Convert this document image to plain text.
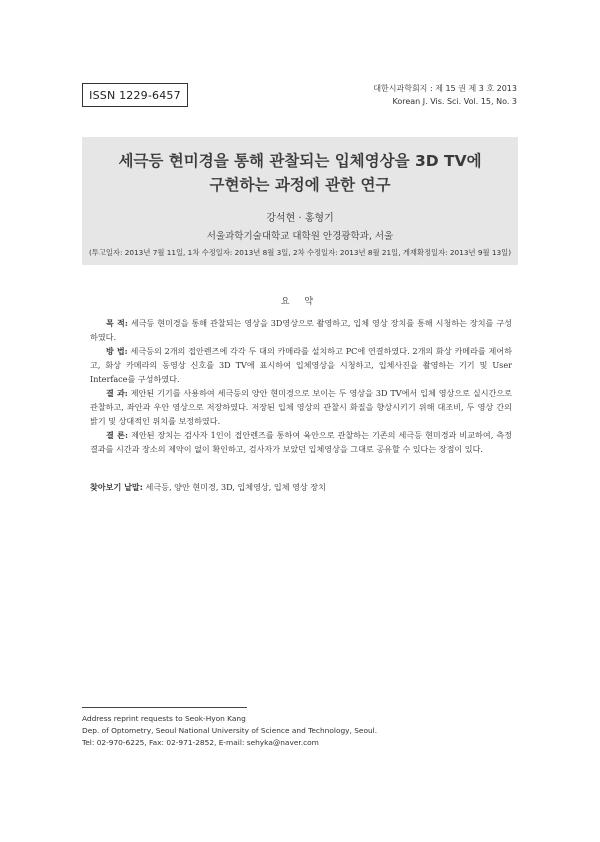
ISSN 1229-6457	대한시과학회지 : 제 15 권 제 3 호 2013
Korean J. Vis. Sci. Vol. 15, No. 3
세극등 현미경을 통해 관찰되는 입체영상을 3D TV에
구현하는 과정에 관한 연구
강석현 · 홍형기
서울과학기술대학교 대학원 안경광학과, 서울
(투고일자: 2013년 7월 11일, 1차 수정일자: 2013년 8월 3일, 2차 수정일자: 2013년 8월 21일, 게재확정일자: 2013년 9월 13일)
요 약

목 적: 세극등 현미경을 통해 관찰되는 영상을 3D영상으로 촬영하고, 입체 영상 장치를 통해 시청하는 장치를 구성하였다.

방 법: 세극등의 2개의 접안렌즈에 각각 두 대의 카메라를 설치하고 PC에 연결하였다. 2개의 화상 카메라를 제어하고, 화상 카메라의 동영상 신호를 3D TV에 표시하여 입체영상을 시청하고, 입체사진을 촬영하는 기기 및 User Interface를 구성하였다.

결 과: 제안된 기기를 사용하여 세극등의 양안 현미경으로 보이는 두 영상을 3D TV에서 입체 영상으로 실시간으로 관찰하고, 좌안과 우안 영상으로 저장하였다. 저장된 입체 영상의 관찰시 화질을 향상시키기 위해 대조비, 두 영상 간의 밝기 및 상대적인 위치를 보정하였다.

결 론: 제안된 장치는 검사자 1인이 접안렌즈를 통하여 육안으로 관찰하는 기존의 세극등 현미경과 비교하여, 측정 결과를 시간과 장소의 제약이 없이 확인하고, 검사자가 보았던 입체영상을 그대로 공유할 수 있다는 장점이 있다.

찾아보기 낱말: 세극등, 양안 현미경, 3D, 입체영상, 입체 영상 장치
Address reprint requests to Seok-Hyon Kang
Dep. of Optometry, Seoul National University of Science and Technology, Seoul.
Tel: 02-970-6225, Fax: 02-971-2852, E-mail: sehyka@naver.com
